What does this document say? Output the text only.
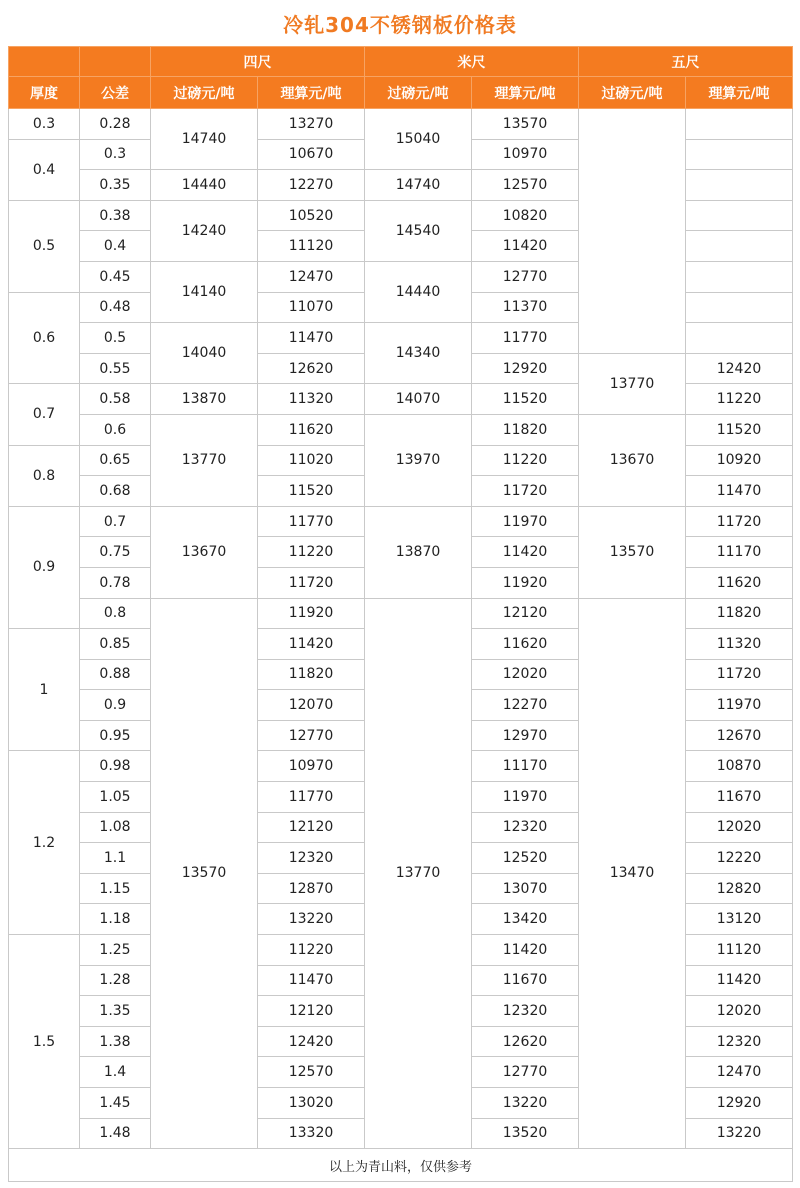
冷轧304不锈钢板价格表
		四尺		米尺		五尺	
厚度	公差	过磅元/吨	理算元/吨	过磅元/吨	理算元/吨	过磅元/吨	理算元/吨
0.3	0.28	14740	13270	15040	13570		
0.4	0.3		10670		10970		
	0.35	14440	12270	14740	12570		
0.5	0.38	14240	10520	14540	10820		
	0.4		11120		11420		
	0.45	14140	12470	14440	12770		
0.6	0.48		11070		11370		
	0.5	14040	11470	14340	11770		
	0.55		12620		12920	13770	12420
0.7	0.58	13870	11320	14070	11520		11220
	0.6	13770	11620	13970	11820	13670	11520
0.8	0.65		11020		11220		10920
	0.68		11520		11720		11470
0.9	0.7	13670	11770	13870	11970	13570	11720
	0.75		11220		11420		11170
	0.78		11720		11920		11620
	0.8	13570	11920	13770	12120	13470	11820
1	0.85		11420		11620		11320
	0.88		11820		12020		11720
	0.9		12070		12270		11970
	0.95		12770		12970		12670
1.2	0.98		10970		11170		10870
	1.05		11770		11970		11670
	1.08		12120		12320		12020
	1.1		12320		12520		12220
	1.15		12870		13070		12820
	1.18		13220		13420		13120
1.5	1.25		11220		11420		11120
	1.28		11470		11670		11420
	1.35		12120		12320		12020
	1.38		12420		12620		12320
	1.4		12570		12770		12470
	1.45		13020		13220		12920
	1.48		13320		13520		13220
以上为青山料，仅供参考							
